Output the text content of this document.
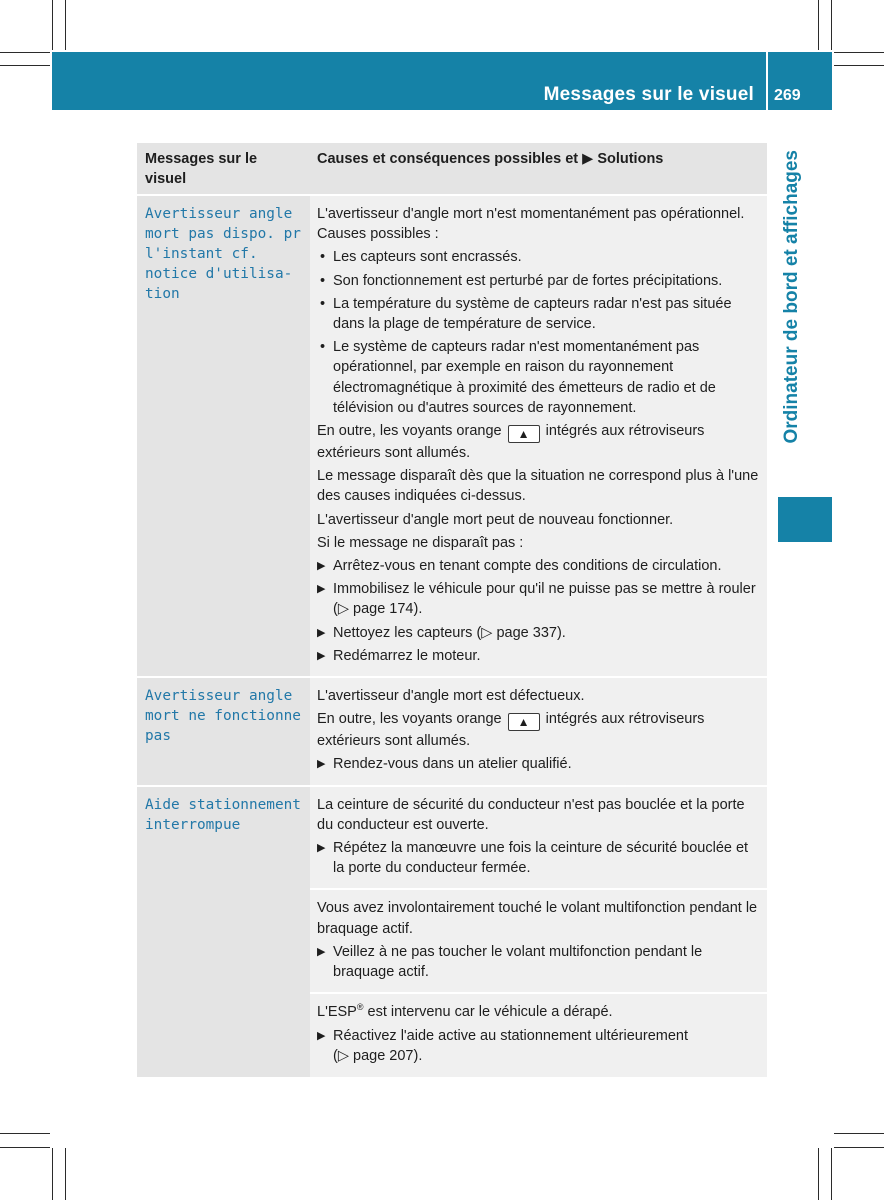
Messages sur le visuel 269
Ordinateur de bord et affichages
Messages sur le visuel
Causes et conséquences possibles et ▶ Solutions
Avertisseur angle
mort pas dispo. pr
l'instant cf.
notice d'utilisa-
tion
L'avertisseur d'angle mort n'est momentanément pas opérationnel. Causes possibles :
• Les capteurs sont encrassés.
• Son fonctionnement est perturbé par de fortes précipitations.
• La température du système de capteurs radar n'est pas située dans la plage de température de service.
• Le système de capteurs radar n'est momentanément pas opérationnel, par exemple en raison du rayonnement électromagnétique à proximité des émetteurs de radio et de télévision ou d'autres sources de rayonnement.
En outre, les voyants orange ▲ intégrés aux rétroviseurs extérieurs sont allumés.
Le message disparaît dès que la situation ne correspond plus à l'une des causes indiquées ci-dessus.
L'avertisseur d'angle mort peut de nouveau fonctionner.
Si le message ne disparaît pas :
▶ Arrêtez-vous en tenant compte des conditions de circulation.
▶ Immobilisez le véhicule pour qu'il ne puisse pas se mettre à rouler (▷ page 174).
▶ Nettoyez les capteurs (▷ page 337).
▶ Redémarrez le moteur.
Avertisseur angle
mort ne fonctionne
pas
L'avertisseur d'angle mort est défectueux.
En outre, les voyants orange ▲ intégrés aux rétroviseurs extérieurs sont allumés.
▶ Rendez-vous dans un atelier qualifié.
Aide stationnement
interrompue
La ceinture de sécurité du conducteur n'est pas bouclée et la porte du conducteur est ouverte.
▶ Répétez la manœuvre une fois la ceinture de sécurité bouclée et la porte du conducteur fermée.
Vous avez involontairement touché le volant multifonction pendant le braquage actif.
▶ Veillez à ne pas toucher le volant multifonction pendant le braquage actif.
L'ESP® est intervenu car le véhicule a dérapé.
▶ Réactivez l'aide active au stationnement ultérieurement
(▷ page 207).
